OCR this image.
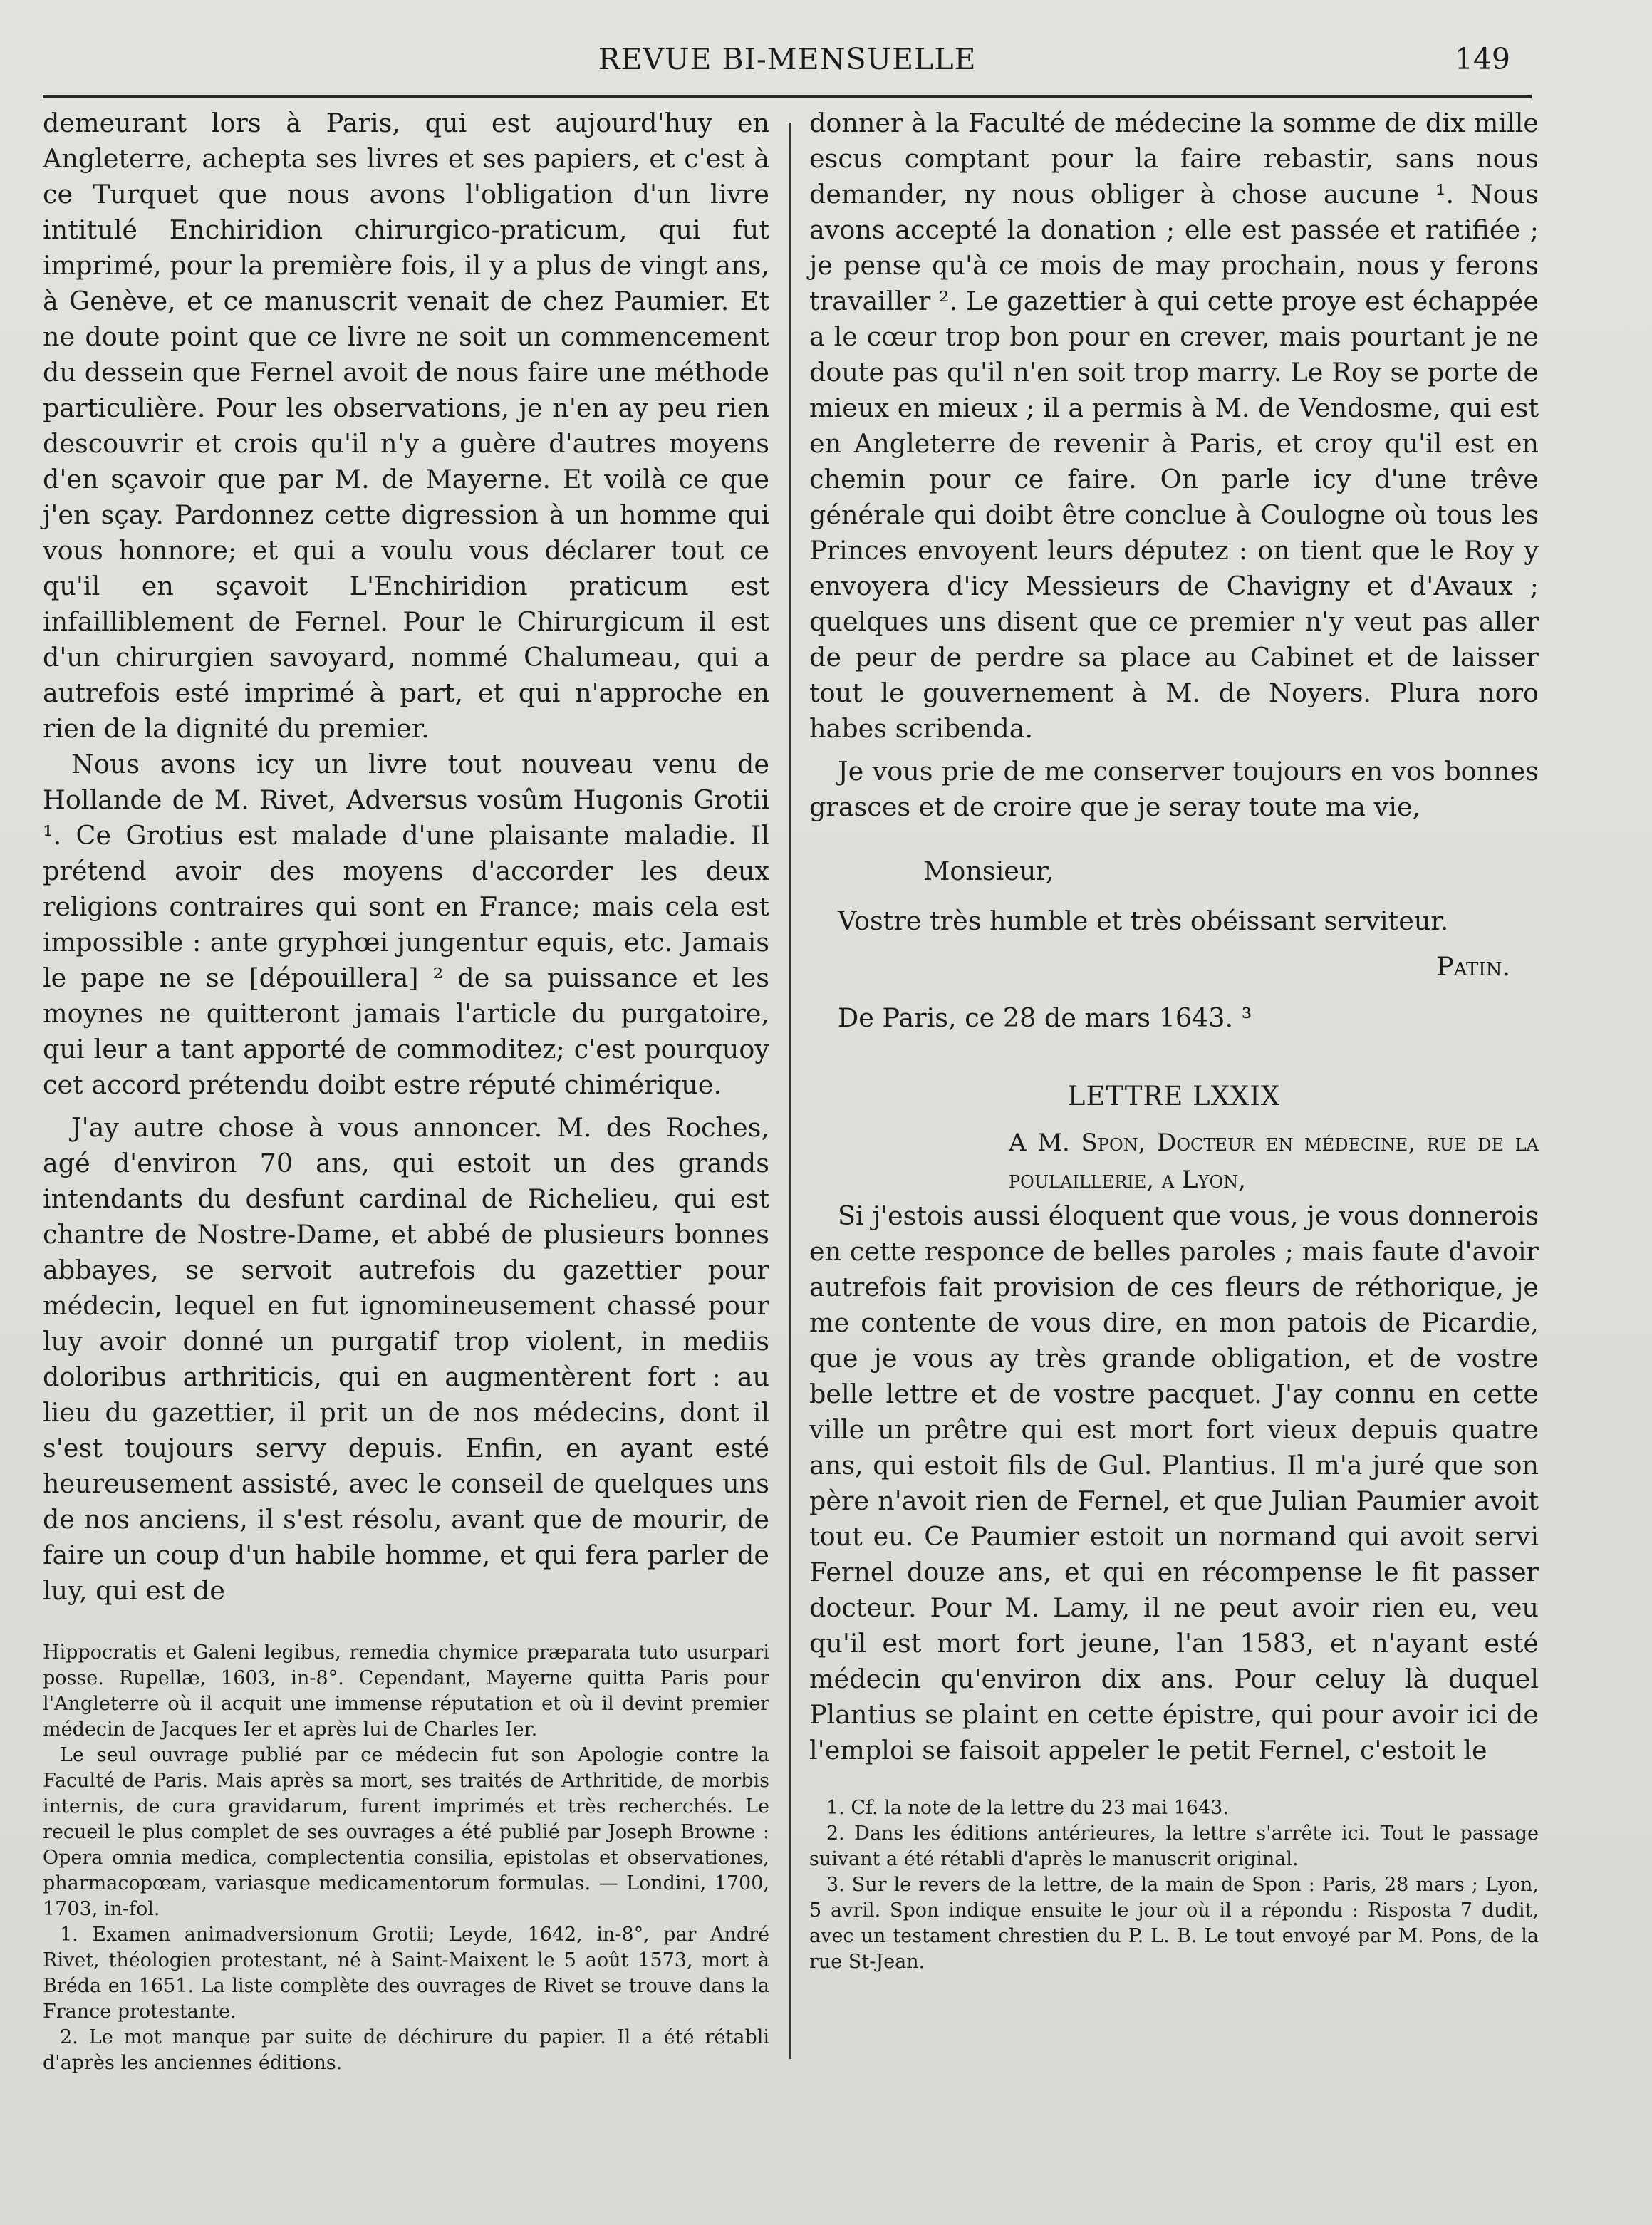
REVUE BI-MENSUELLE	149

demeurant lors à Paris, qui est aujourd'huy en Angleterre, achepta ses livres et ses papiers, et c'est à ce Turquet que nous avons l'obligation d'un livre intitulé Enchiridion chirurgico-praticum, qui fut imprimé, pour la première fois, il y a plus de vingt ans, à Genève, et ce manuscrit venait de chez Paumier. Et ne doute point que ce livre ne soit un commencement du dessein que Fernel avoit de nous faire une méthode particulière. Pour les observations, je n'en ay peu rien descouvrir et crois qu'il n'y a guère d'autres moyens d'en sçavoir que par M. de Mayerne. Et voilà ce que j'en sçay. Pardonnez cette digression à un homme qui vous honnore; et qui a voulu vous déclarer tout ce qu'il en sçavoit L'Enchiridion praticum est infailliblement de Fernel. Pour le Chirurgicum il est d'un chirurgien savoyard, nommé Chalumeau, qui a autrefois esté imprimé à part, et qui n'approche en rien de la dignité du premier.

Nous avons icy un livre tout nouveau venu de Hollande de M. Rivet, Adversus vosûm Hugonis Grotii ¹. Ce Grotius est malade d'une plaisante maladie. Il prétend avoir des moyens d'accorder les deux religions contraires qui sont en France; mais cela est impossible : ante gryphœi jungentur equis, etc. Jamais le pape ne se [dépouillera] ² de sa puissance et les moynes ne quitteront jamais l'article du purgatoire, qui leur a tant apporté de commoditez; c'est pourquoy cet accord prétendu doibt estre réputé chimérique.

J'ay autre chose à vous annoncer. M. des Roches, agé d'environ 70 ans, qui estoit un des grands intendants du desfunt cardinal de Richelieu, qui est chantre de Nostre-Dame, et abbé de plusieurs bonnes abbayes, se servoit autrefois du gazettier pour médecin, lequel en fut ignomineusement chassé pour luy avoir donné un purgatif trop violent, in mediis doloribus arthriticis, qui en augmentèrent fort : au lieu du gazettier, il prit un de nos médecins, dont il s'est toujours servy depuis. Enfin, en ayant esté heureusement assisté, avec le conseil de quelques uns de nos anciens, il s'est résolu, avant que de mourir, de faire un coup d'un habile homme, et qui fera parler de luy, qui est de

Hippocratis et Galeni legibus, remedia chymice præparata tuto usurpari posse. Rupellæ, 1603, in-8°. Cependant, Mayerne quitta Paris pour l'Angleterre où il acquit une immense réputation et où il devint premier médecin de Jacques Ier et après lui de Charles Ier.

Le seul ouvrage publié par ce médecin fut son Apologie contre la Faculté de Paris. Mais après sa mort, ses traités de Arthritide, de morbis internis, de cura gravidarum, furent imprimés et très recherchés. Le recueil le plus complet de ses ouvrages a été publié par Joseph Browne : Opera omnia medica, complectentia consilia, epistolas et observationes, pharmacopœam, variasque medicamentorum formulas. — Londini, 1700, 1703, in-fol.

1. Examen animadversionum Grotii; Leyde, 1642, in-8°, par André Rivet, théologien protestant, né à Saint-Maixent le 5 août 1573, mort à Bréda en 1651. La liste complète des ouvrages de Rivet se trouve dans la France protestante.

2. Le mot manque par suite de déchirure du papier. Il a été rétabli d'après les anciennes éditions.

donner à la Faculté de médecine la somme de dix mille escus comptant pour la faire rebastir, sans nous demander, ny nous obliger à chose aucune ¹. Nous avons accepté la donation ; elle est passée et ratifiée ; je pense qu'à ce mois de may prochain, nous y ferons travailler ². Le gazettier à qui cette proye est échappée a le cœur trop bon pour en crever, mais pourtant je ne doute pas qu'il n'en soit trop marry. Le Roy se porte de mieux en mieux ; il a permis à M. de Vendosme, qui est en Angleterre de revenir à Paris, et croy qu'il est en chemin pour ce faire. On parle icy d'une trêve générale qui doibt être conclue à Coulogne où tous les Princes envoyent leurs députez : on tient que le Roy y envoyera d'icy Messieurs de Chavigny et d'Avaux ; quelques uns disent que ce premier n'y veut pas aller de peur de perdre sa place au Cabinet et de laisser tout le gouvernement à M. de Noyers. Plura noro habes scribenda.

Je vous prie de me conserver toujours en vos bonnes grasces et de croire que je seray toute ma vie,

Monsieur,

Vostre très humble et très obéissant serviteur.

Patin.

De Paris, ce 28 de mars 1643. ³

LETTRE LXXIX

A M. Spon, Docteur en médecine, rue de la poulaillerie, a Lyon,

Si j'estois aussi éloquent que vous, je vous donnerois en cette responce de belles paroles ; mais faute d'avoir autrefois fait provision de ces fleurs de réthorique, je me contente de vous dire, en mon patois de Picardie, que je vous ay très grande obligation, et de vostre belle lettre et de vostre pacquet. J'ay connu en cette ville un prêtre qui est mort fort vieux depuis quatre ans, qui estoit fils de Gul. Plantius. Il m'a juré que son père n'avoit rien de Fernel, et que Julian Paumier avoit tout eu. Ce Paumier estoit un normand qui avoit servi Fernel douze ans, et qui en récompense le fit passer docteur. Pour M. Lamy, il ne peut avoir rien eu, veu qu'il est mort fort jeune, l'an 1583, et n'ayant esté médecin qu'environ dix ans. Pour celuy là duquel Plantius se plaint en cette épistre, qui pour avoir ici de l'emploi se faisoit appeler le petit Fernel, c'estoit le

1. Cf. la note de la lettre du 23 mai 1643.

2. Dans les éditions antérieures, la lettre s'arrête ici. Tout le passage suivant a été rétabli d'après le manuscrit original.

3. Sur le revers de la lettre, de la main de Spon : Paris, 28 mars ; Lyon, 5 avril. Spon indique ensuite le jour où il a répondu : Risposta 7 dudit, avec un testament chrestien du P. L. B. Le tout envoyé par M. Pons, de la rue St-Jean.
